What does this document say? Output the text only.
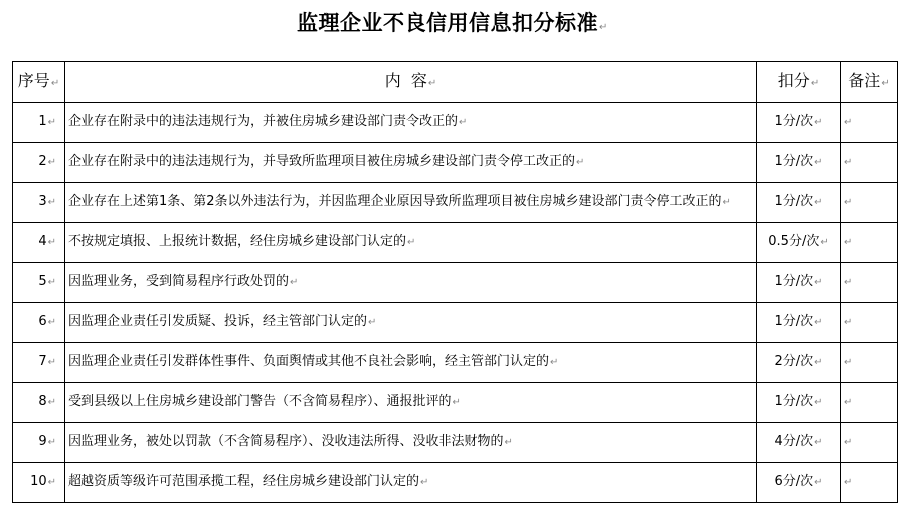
监理企业不良信用信息扣分标准↵
序号↵	内  容↵	扣分↵	备注↵
1↵	企业存在附录中的违法违规行为，并被住房城乡建设部门责令改正的↵	1分/次↵	↵
2↵	企业存在附录中的违法违规行为，并导致所监理项目被住房城乡建设部门责令停工改正的↵	1分/次↵	↵
3↵	企业存在上述第1条、第2条以外违法行为，并因监理企业原因导致所监理项目被住房城乡建设部门责令停工改正的↵	1分/次↵	↵
4↵	不按规定填报、上报统计数据，经住房城乡建设部门认定的↵	0.5分/次↵	↵
5↵	因监理业务，受到简易程序行政处罚的↵	1分/次↵	↵
6↵	因监理企业责任引发质疑、投诉，经主管部门认定的↵	1分/次↵	↵
7↵	因监理企业责任引发群体性事件、负面舆情或其他不良社会影响，经主管部门认定的↵	2分/次↵	↵
8↵	受到县级以上住房城乡建设部门警告（不含简易程序）、通报批评的↵	1分/次↵	↵
9↵	因监理业务，被处以罚款（不含简易程序）、没收违法所得、没收非法财物的↵	4分/次↵	↵
10↵	超越资质等级许可范围承揽工程，经住房城乡建设部门认定的↵	6分/次↵	↵
